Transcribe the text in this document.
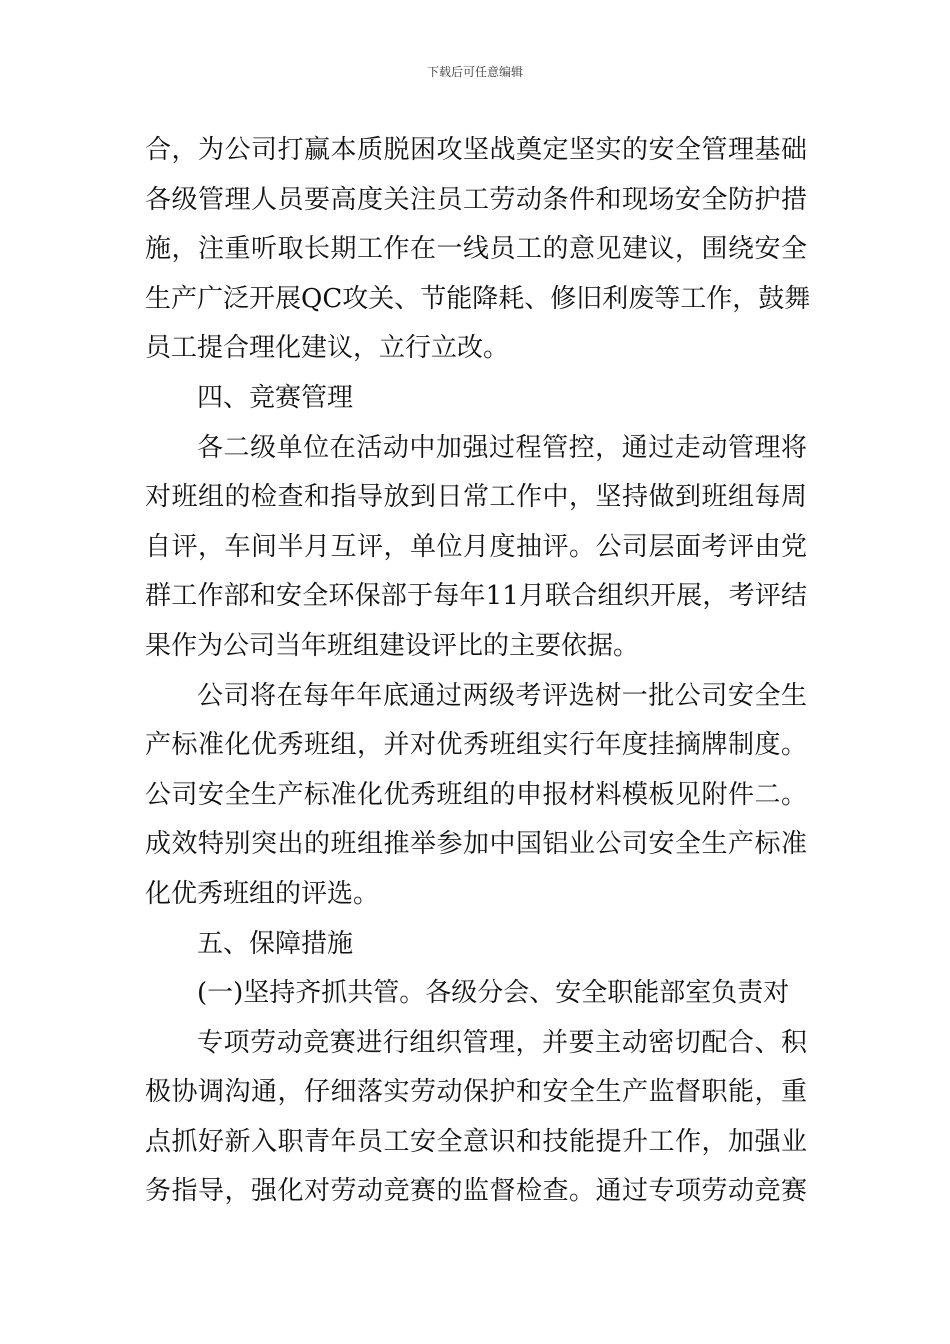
下载后可任意编辑
合，为公司打赢本质脱困攻坚战奠定坚实的安全管理基础
各级管理人员要高度关注员工劳动条件和现场安全防护措
施，注重听取长期工作在一线员工的意见建议，围绕安全
生产广泛开展QC攻关、节能降耗、修旧利废等工作，鼓舞
员工提合理化建议，立行立改。
四、竞赛管理
各二级单位在活动中加强过程管控，通过走动管理将
对班组的检查和指导放到日常工作中，坚持做到班组每周
自评，车间半月互评，单位月度抽评。公司层面考评由党
群工作部和安全环保部于每年11月联合组织开展，考评结
果作为公司当年班组建设评比的主要依据。
公司将在每年年底通过两级考评选树一批公司安全生
产标准化优秀班组，并对优秀班组实行年度挂摘牌制度。
公司安全生产标准化优秀班组的申报材料模板见附件二。
成效特别突出的班组推举参加中国铝业公司安全生产标准
化优秀班组的评选。
五、保障措施
(一)坚持齐抓共管。各级分会、安全职能部室负责对
专项劳动竞赛进行组织管理，并要主动密切配合、积
极协调沟通，仔细落实劳动保护和安全生产监督职能，重
点抓好新入职青年员工安全意识和技能提升工作，加强业
务指导，强化对劳动竞赛的监督检查。通过专项劳动竞赛
